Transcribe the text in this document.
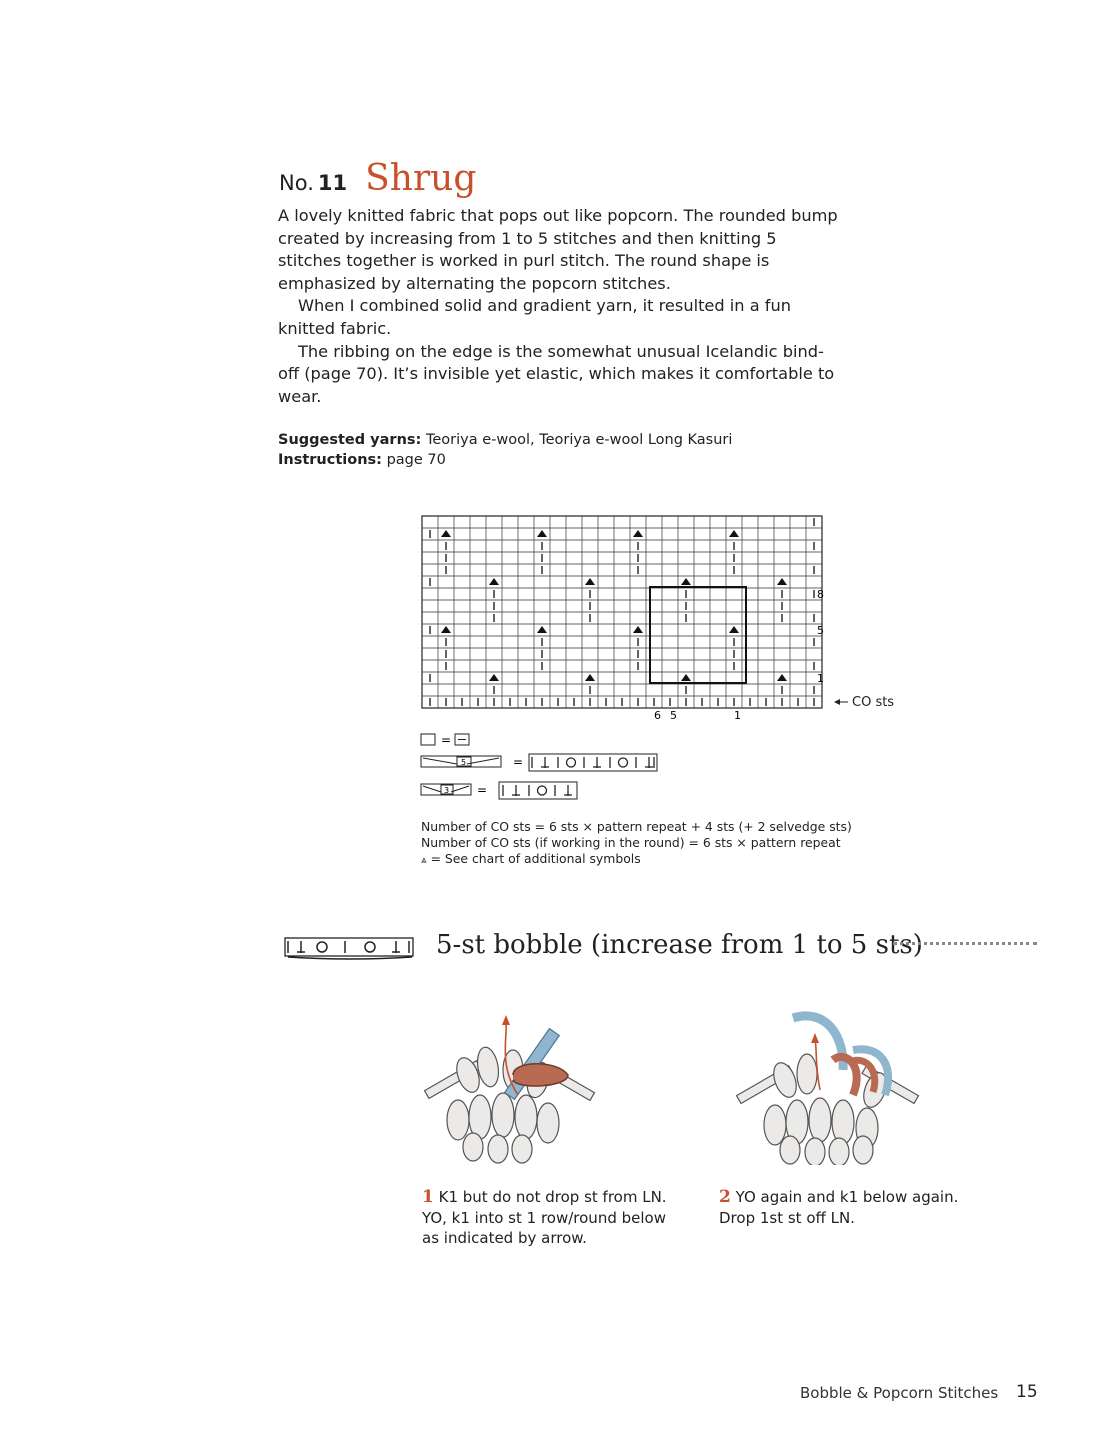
No. 11 Shrug

A lovely knitted fabric that pops out like popcorn. The rounded bump created by increasing from 1 to 5 stitches and then knitting 5 stitches together is worked in purl stitch. The round shape is emphasized by alternating the popcorn stitches.

When I combined solid and gradient yarn, it resulted in a fun knitted fabric.

The ribbing on the edge is the somewhat unusual Icelandic bind-off (page 70). It’s invisible yet elastic, which makes it comfortable to wear.

Suggested yarns: Teoriya e-wool, Teoriya e-wool Long Kasuri
Instructions: page 70
8
5
1
6 5	1
=
5	=
3 =
CO sts
Number of CO sts = 6 sts × pattern repeat + 4 sts (+ 2 selvedge sts)
Number of CO sts (if working in the round) = 6 sts × pattern repeat
⩓ = See chart of additional symbols
5-st bobble (increase from 1 to 5 sts)
1 K1 but do not drop st from LN. YO, k1 into st 1 row/round below as indicated by arrow.
2 YO again and k1 below again. Drop 1st st off LN.
Bobble & Popcorn Stitches 15
